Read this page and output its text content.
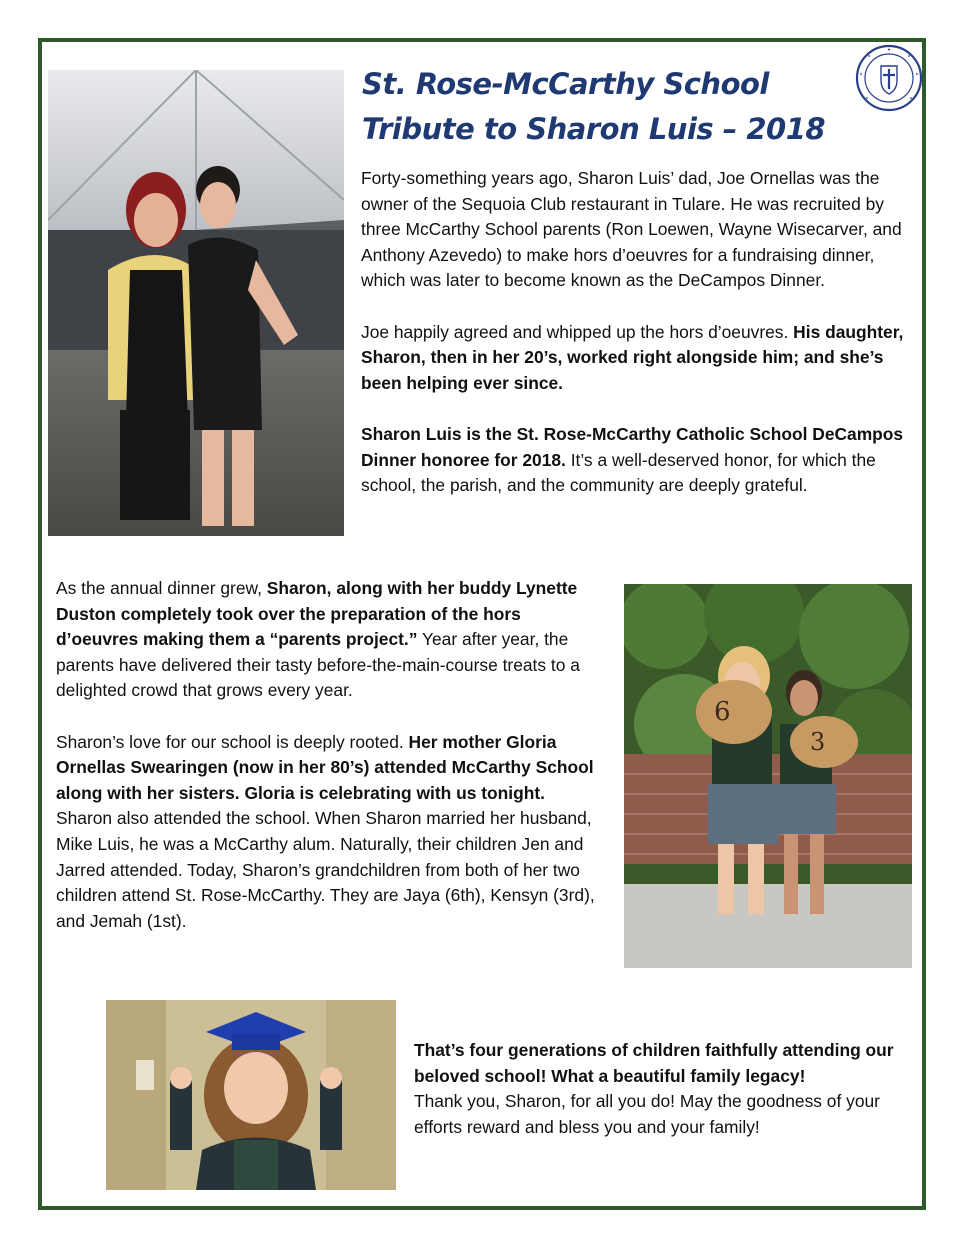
St. Rose-McCarthy School
Tribute to Sharon Luis – 2018

Forty-something years ago, Sharon Luis’ dad, Joe Ornellas was the owner of the Sequoia Club restaurant in Tulare. He was recruited by three McCarthy School parents (Ron Loewen, Wayne Wisecarver, and Anthony Azevedo) to make hors d’oeuvres for a fundraising dinner, which was later to become known as the DeCampos Dinner.

Joe happily agreed and whipped up the hors d’oeuvres. His daughter, Sharon, then in her 20’s, worked right alongside him; and she’s been helping ever since.

Sharon Luis is the St. Rose-McCarthy Catholic School DeCampos Dinner honoree for 2018. It’s a well-deserved honor, for which the school, the parish, and the community are deeply grateful.

6
3

As the annual dinner grew, Sharon, along with her buddy Lynette Duston completely took over the preparation of the hors d’oeuvres making them a “parents project.” Year after year, the parents have delivered their tasty before-the-main-course treats to a delighted crowd that grows every year.

Sharon’s love for our school is deeply rooted. Her mother Gloria Ornellas Swearingen (now in her 80’s) attended McCarthy School along with her sisters. Gloria is celebrating with us tonight. Sharon also attended the school. When Sharon married her husband, Mike Luis, he was a McCarthy alum. Naturally, their children Jen and Jarred attended. Today, Sharon’s grandchildren from both of her two children attend St. Rose-McCarthy. They are Jaya (6th), Kensyn (3rd), and Jemah (1st).

That’s four generations of children faithfully attending our beloved school! What a beautiful family legacy!

Thank you, Sharon, for all you do! May the goodness of your efforts reward and bless you and your family!
